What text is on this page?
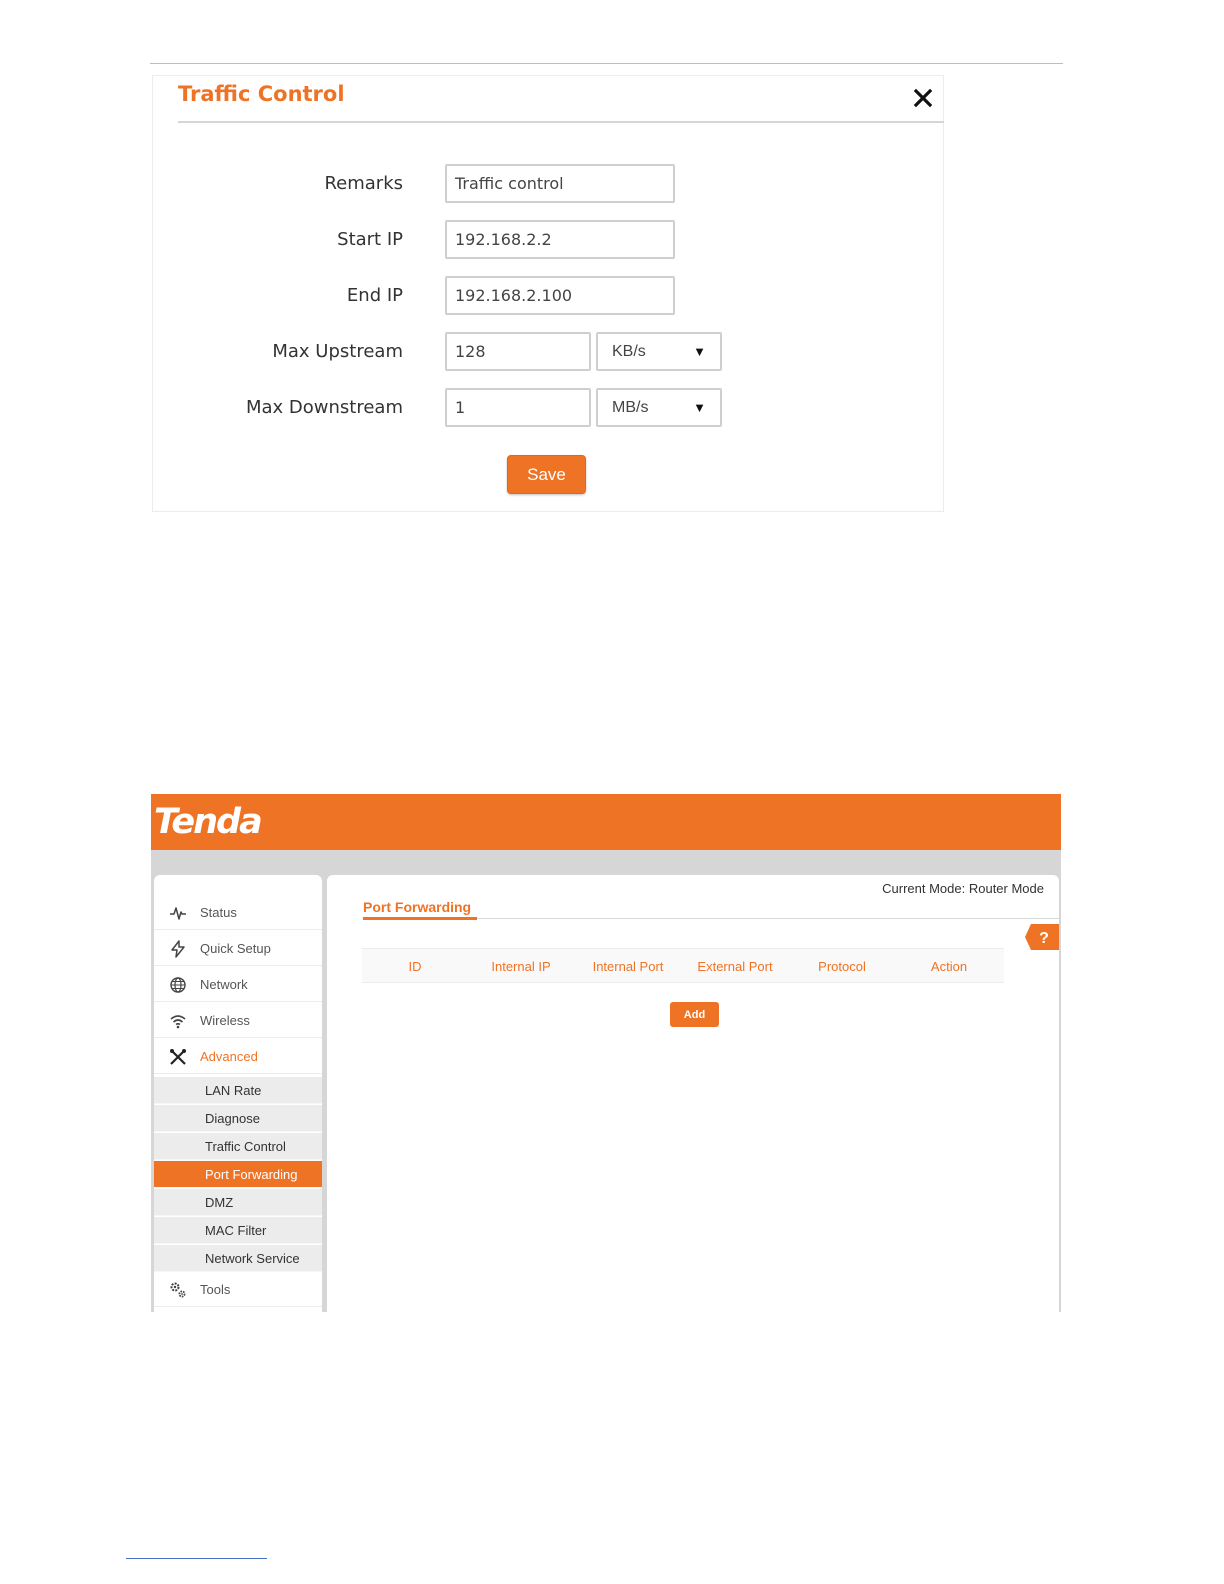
Traffic Control
Remarks	Traffic control
Start IP	192.168.2.2
End IP	192.168.2.100
Max Upstream	128	KB/s	▼
Max Downstream	1	MB/s	▼
Save
Tenda
Status
Quick Setup
Network
Wireless
Advanced
LAN Rate
Diagnose
Traffic Control
Port Forwarding
DMZ
MAC Filter
Network Service
Tools
Current Mode: Router Mode
Port Forwarding
?
ID	Internal IP	Internal Port	External Port	Protocol	Action
Add
